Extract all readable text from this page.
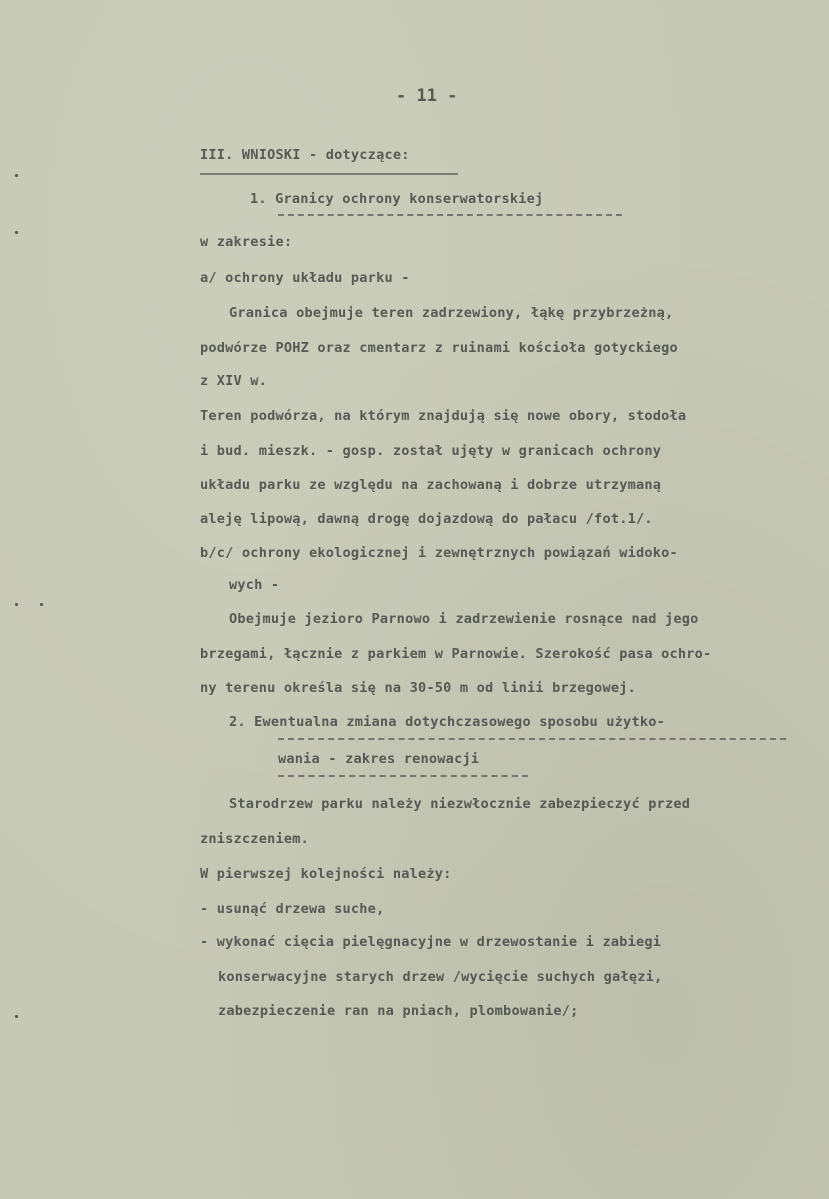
- 11 -
III. WNIOSKI - dotyczące:
1. Granicy ochrony konserwatorskiej
w zakresie:
a/ ochrony układu parku -
Granica obejmuje teren zadrzewiony, łąkę przybrzeżną,
podwórze POHZ oraz cmentarz z ruinami kościoła gotyckiego
z XIV w.
Teren podwórza, na którym znajdują się nowe obory, stodoła
i bud. mieszk. - gosp. został ujęty w granicach ochrony
układu parku ze względu na zachowaną i dobrze utrzymaną
aleję lipową, dawną drogę dojazdową do pałacu /fot.1/.
b/c/ ochrony ekologicznej i zewnętrznych powiązań widoko-
wych -
Obejmuje jezioro Parnowo i zadrzewienie rosnące nad jego
brzegami, łącznie z parkiem w Parnowie. Szerokość pasa ochro-
ny terenu określa się na 30-50 m od linii brzegowej.
2. Ewentualna zmiana dotychczasowego sposobu użytko-
wania - zakres renowacji
Starodrzew parku należy niezwłocznie zabezpieczyć przed
zniszczeniem.
W pierwszej kolejności należy:
- usunąć drzewa suche,
- wykonać cięcia pielęgnacyjne w drzewostanie i zabiegi
konserwacyjne starych drzew /wycięcie suchych gałęzi,
zabezpieczenie ran na pniach, plombowanie/;
